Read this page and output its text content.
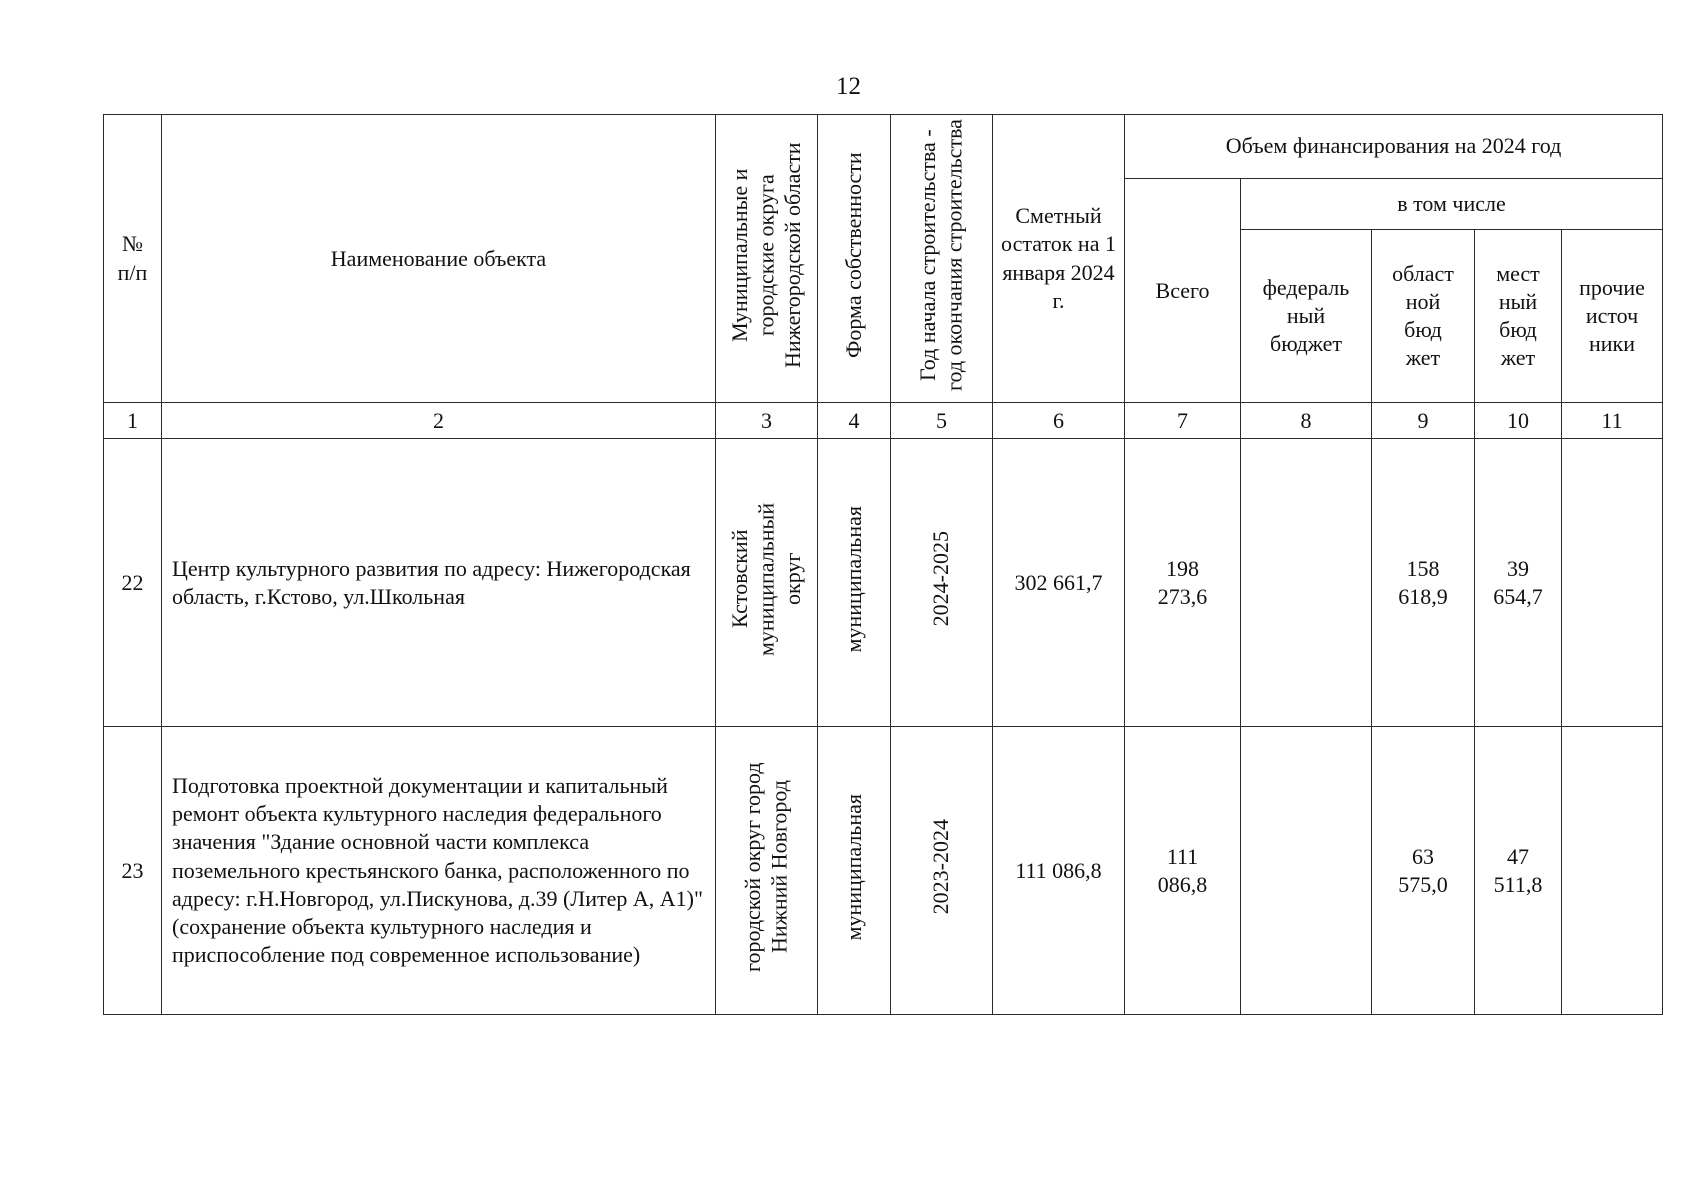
12
№ п/п	Наименование объекта	Муниципальные и городские округа Нижегородской области	Форма собственности	Год начала строительства - год окончания строительства	Сметный остаток на 1 января 2024 г.	Объем финансирования на 2024 год				
						Всего	в том числе			

							федераль ный бюджет	област ной бюд жет	мест ный бюд жет	прочие источ ники

1	2	3	4	5	6	7	8	9	10	11
22	Центр культурного развития по адресу: Нижегородская область, г.Кстово, ул.Школьная	Кстовский муниципальный округ	муниципальная	2024-2025	302 661,7	198 273,6		158 618,9	39 654,7	

23	Подготовка проектной документации и капитальный ремонт объекта культурного наследия федерального значения "Здание основной части комплекса поземельного крестьянского банка, расположенного по адресу: г.Н.Новгород, ул.Пискунова, д.39 (Литер А, А1)" (сохранение объекта культурного наследия и приспособление под современное использование)	городской округ город Нижний Новгород	муниципальная	2023-2024	111 086,8	111 086,8		63 575,0	47 511,8	
